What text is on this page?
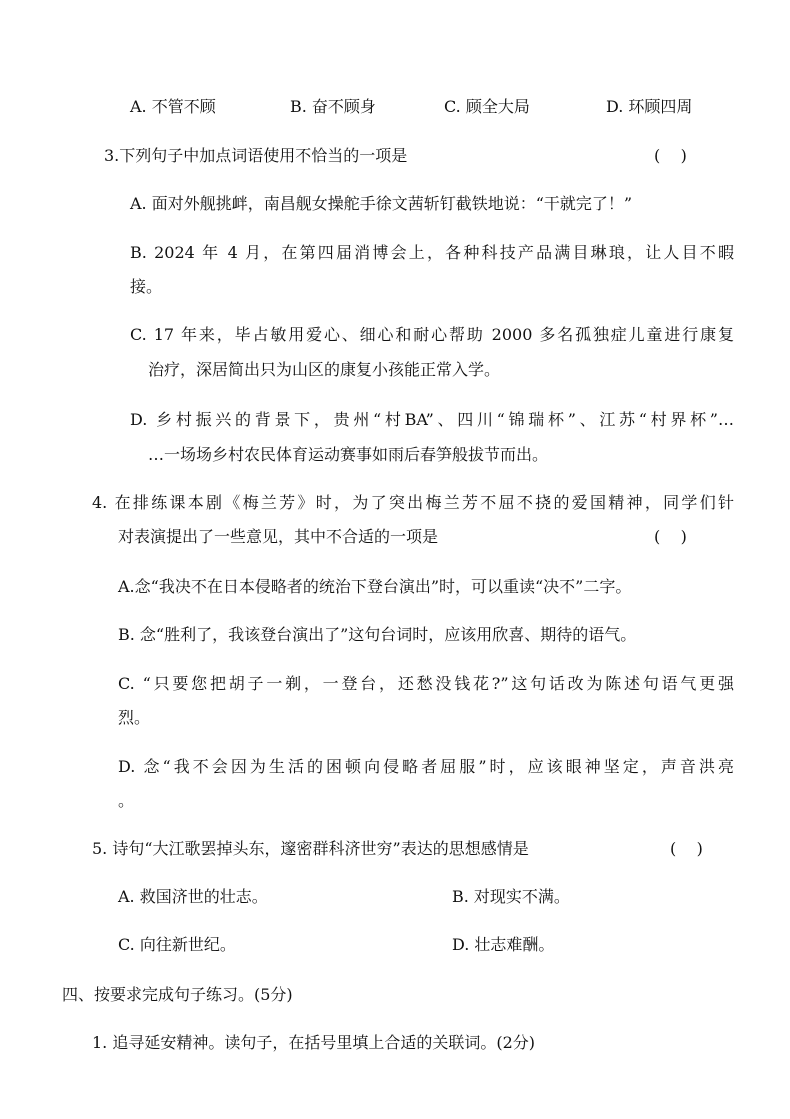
A. 不管不顾	B. 奋不顾身	C. 顾全大局	D. 环顾四周
3.下列句子中加点词语使用不恰当的一项是	(    )
A. 面对外舰挑衅，南昌舰女操舵手徐文茜斩钉截铁地说：“干就完了！”
B. 2024 年 4 月，在第四届消博会上，各种科技产品满目琳琅，让人目不暇
接。
C. 17 年来，毕占敏用爱心、细心和耐心帮助 2000 多名孤独症儿童进行康复
治疗，深居简出只为山区的康复小孩能正常入学。
D. 乡村振兴的背景下，贵州“村BA”、四川“锦瑞杯”、江苏“村界杯”…
…一场场乡村农民体育运动赛事如雨后春笋般拔节而出。
4. 在排练课本剧《梅兰芳》时，为了突出梅兰芳不屈不挠的爱国精神，同学们针
对表演提出了一些意见，其中不合适的一项是	(    )
A.念“我决不在日本侵略者的统治下登台演出”时，可以重读“决不”二字。
B. 念“胜利了，我该登台演出了”这句台词时，应该用欣喜、期待的语气。
C. “只要您把胡子一剃，一登台，还愁没钱花?”这句话改为陈述句语气更强
烈。
D. 念“我不会因为生活的困顿向侵略者屈服”时，应该眼神坚定，声音洪亮
。
5. 诗句“大江歌罢掉头东，邃密群科济世穷”表达的思想感情是	(    )
A. 救国济世的壮志。	B. 对现实不满。
C. 向往新世纪。	D. 壮志难酬。
四、按要求完成句子练习。(5分)
1. 追寻延安精神。读句子，在括号里填上合适的关联词。(2分)
